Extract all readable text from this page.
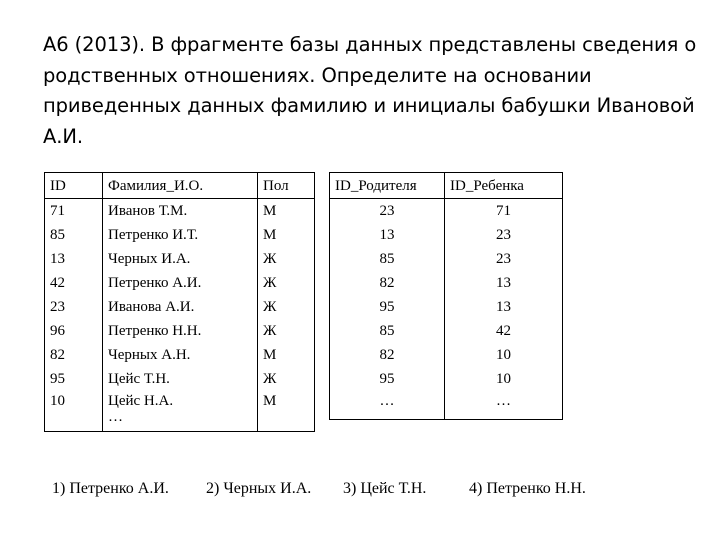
А6 (2013). В фрагменте базы данных представлены сведения о родственных отношениях. Определите на основании приведенных данных фамилию и инициалы бабушки Ивановой А.И.
ID	Фамилия_И.О.	Пол
71	Иванов Т.М.	М
85	Петренко И.Т.	М
13	Черных И.А.	Ж
42	Петренко А.И.	Ж
23	Иванова А.И.	Ж
96	Петренко Н.Н.	Ж
82	Черных А.Н.	М
95	Цейс Т.Н.	Ж
10	Цейс Н.А.	М
	…	
ID_Родителя	ID_Ребенка
23	71
13	23
85	23
82	13
95	13
85	42
82	10
95	10
…	…
1) Петренко А.И. 2) Черных И.А. 3) Цейс Т.Н.	4) Петренко Н.Н.
